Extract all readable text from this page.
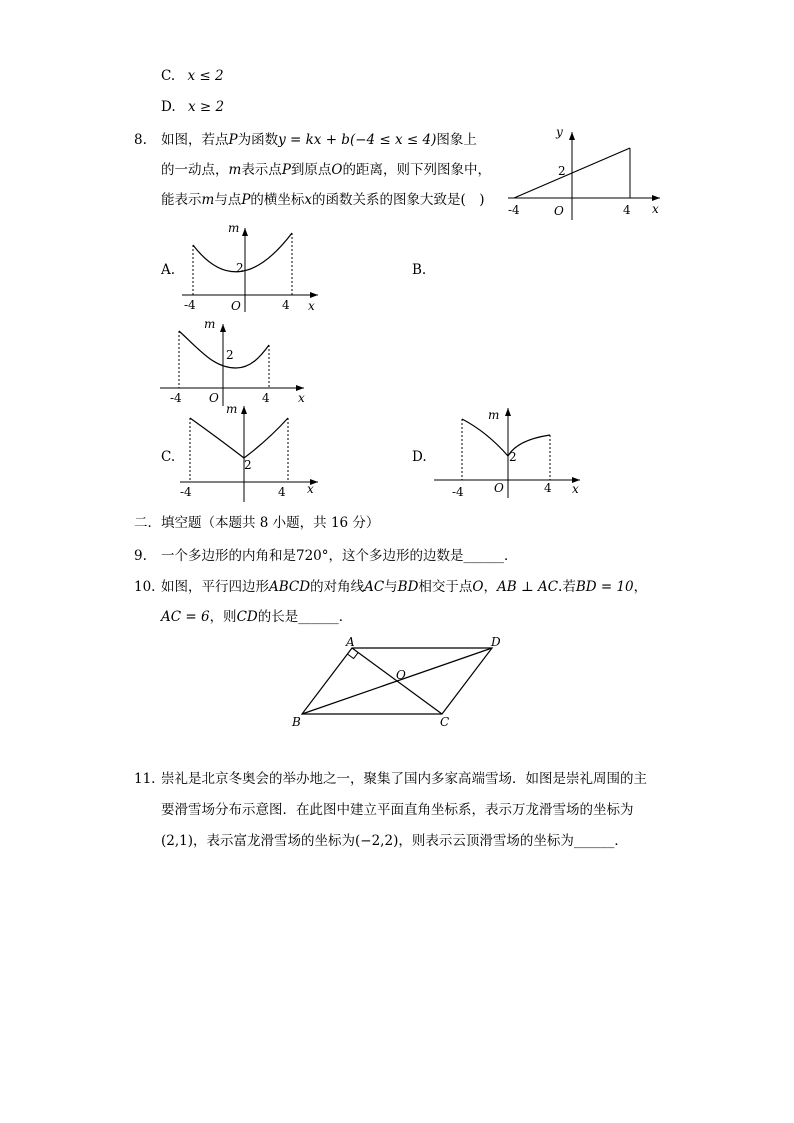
C. x ≤ 2
D. x ≥ 2
8. 如图，若点P为函数y = kx + b(−4 ≤ x ≤ 4)图象上
的一动点，m表示点P到原点O的距离，则下列图象中，
能表示m与点P的横坐标x的函数关系的图象大致是(　)
y
x
O
2
-4	4
A.
m
x
O
2
-4	4
B.
m
x
O
2
-4	4
C.
m
x
2
-4	4
D.
m
x
O
2
-4	4
二．填空题（本题共 8 小题，共 16 分）
9. 一个多边形的内角和是720°，这个多边形的边数是______．
10. 如图，平行四边形ABCD的对角线AC与BD相交于点O，AB ⊥ AC.若BD = 10，
AC = 6，则CD的长是______．
A	D
B	C
O
11. 崇礼是北京冬奥会的举办地之一，聚集了国内多家高端雪场．如图是崇礼周围的主
要滑雪场分布示意图．在此图中建立平面直角坐标系，表示万龙滑雪场的坐标为
(2,1)，表示富龙滑雪场的坐标为(−2,2)，则表示云顶滑雪场的坐标为______．
